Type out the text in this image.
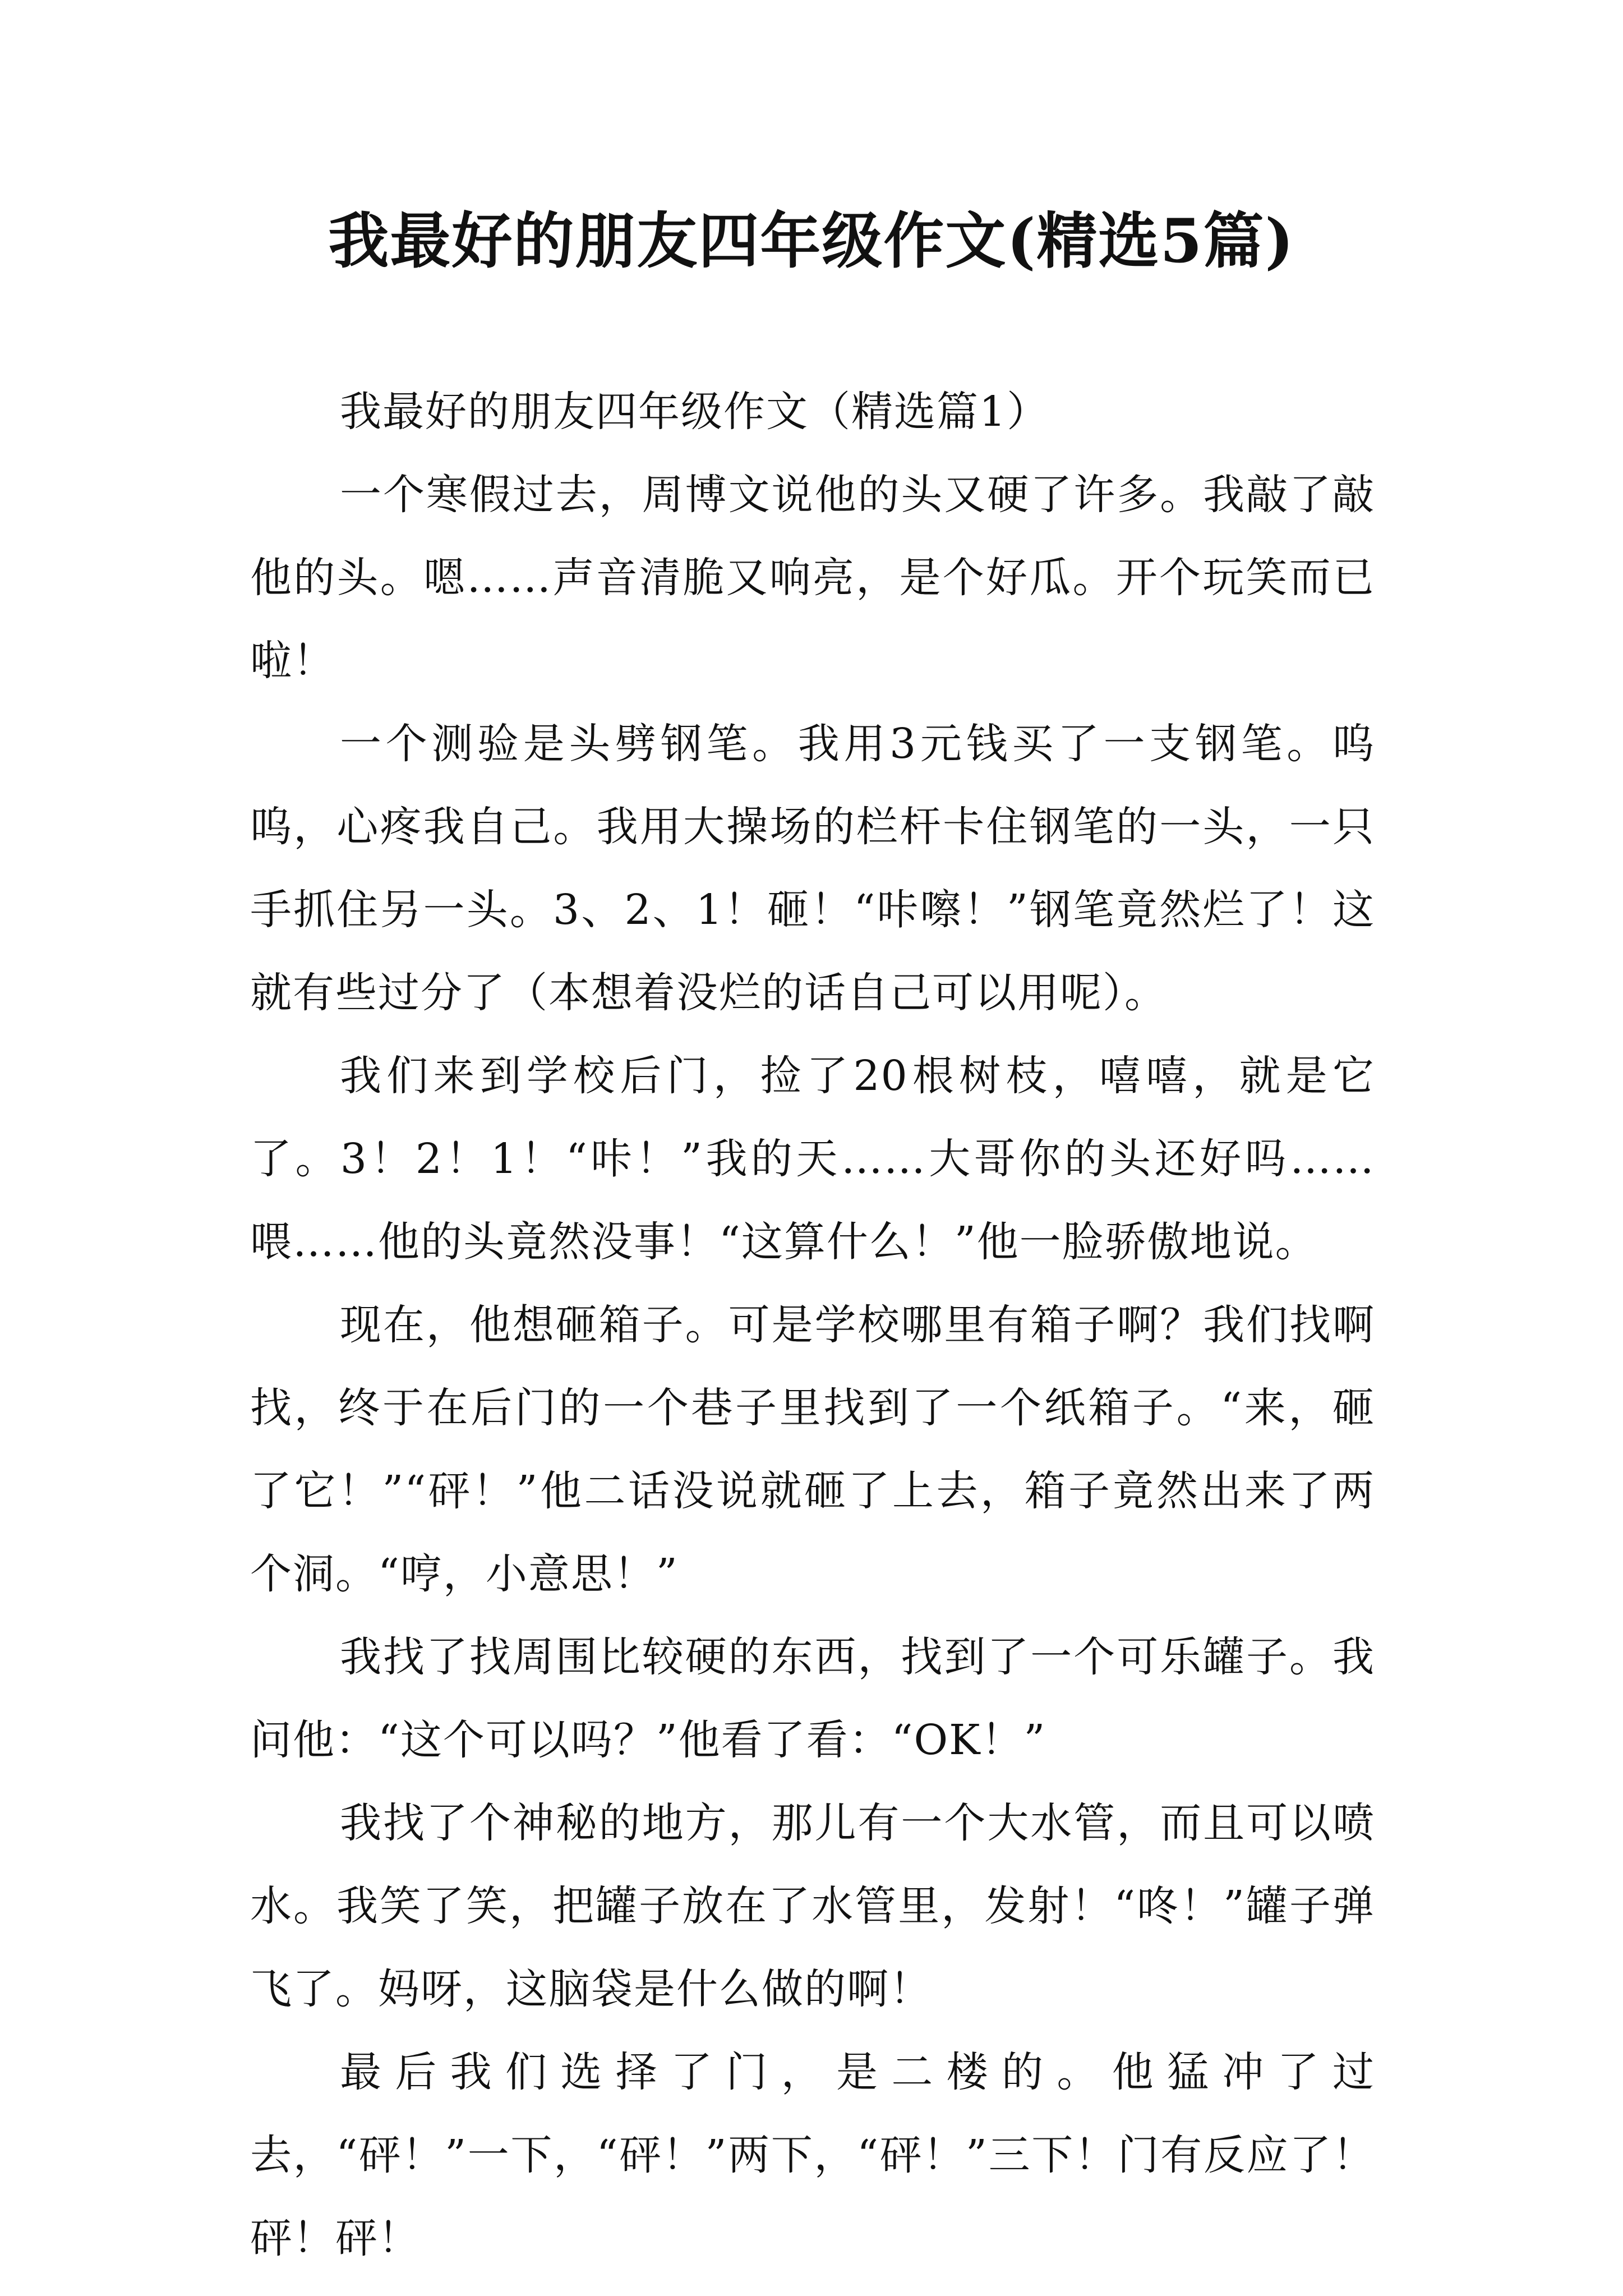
我最好的朋友四年级作文(精选5篇)

我最好的朋友四年级作文（精选篇1）

一个寒假过去，周博文说他的头又硬了许多。我敲了敲他的头。嗯……声音清脆又响亮，是个好瓜。开个玩笑而已啦！

一个测验是头劈钢笔。我用3元钱买了一支钢笔。呜呜，心疼我自己。我用大操场的栏杆卡住钢笔的一头，一只手抓住另一头。3、2、1！砸！“咔嚓！”钢笔竟然烂了！这就有些过分了（本想着没烂的话自己可以用呢）。

我们来到学校后门，捡了20根树枝，嘻嘻，就是它了。3！2！1！“咔！”我的天……大哥你的头还好吗……喂……他的头竟然没事！“这算什么！”他一脸骄傲地说。

现在，他想砸箱子。可是学校哪里有箱子啊？我们找啊找，终于在后门的一个巷子里找到了一个纸箱子。“来，砸了它！”“砰！”他二话没说就砸了上去，箱子竟然出来了两个洞。“哼，小意思！”

我找了找周围比较硬的东西，找到了一个可乐罐子。我问他：“这个可以吗？”他看了看：“OK！”

我找了个神秘的地方，那儿有一个大水管，而且可以喷水。我笑了笑，把罐子放在了水管里，发射！“咚！”罐子弹飞了。妈呀，这脑袋是什么做的啊！

最后我们选择了门，是二楼的。他猛冲了过去，“砰！”一下，“砰！”两下，“砰！”三下！门有反应了！砰！砰！
